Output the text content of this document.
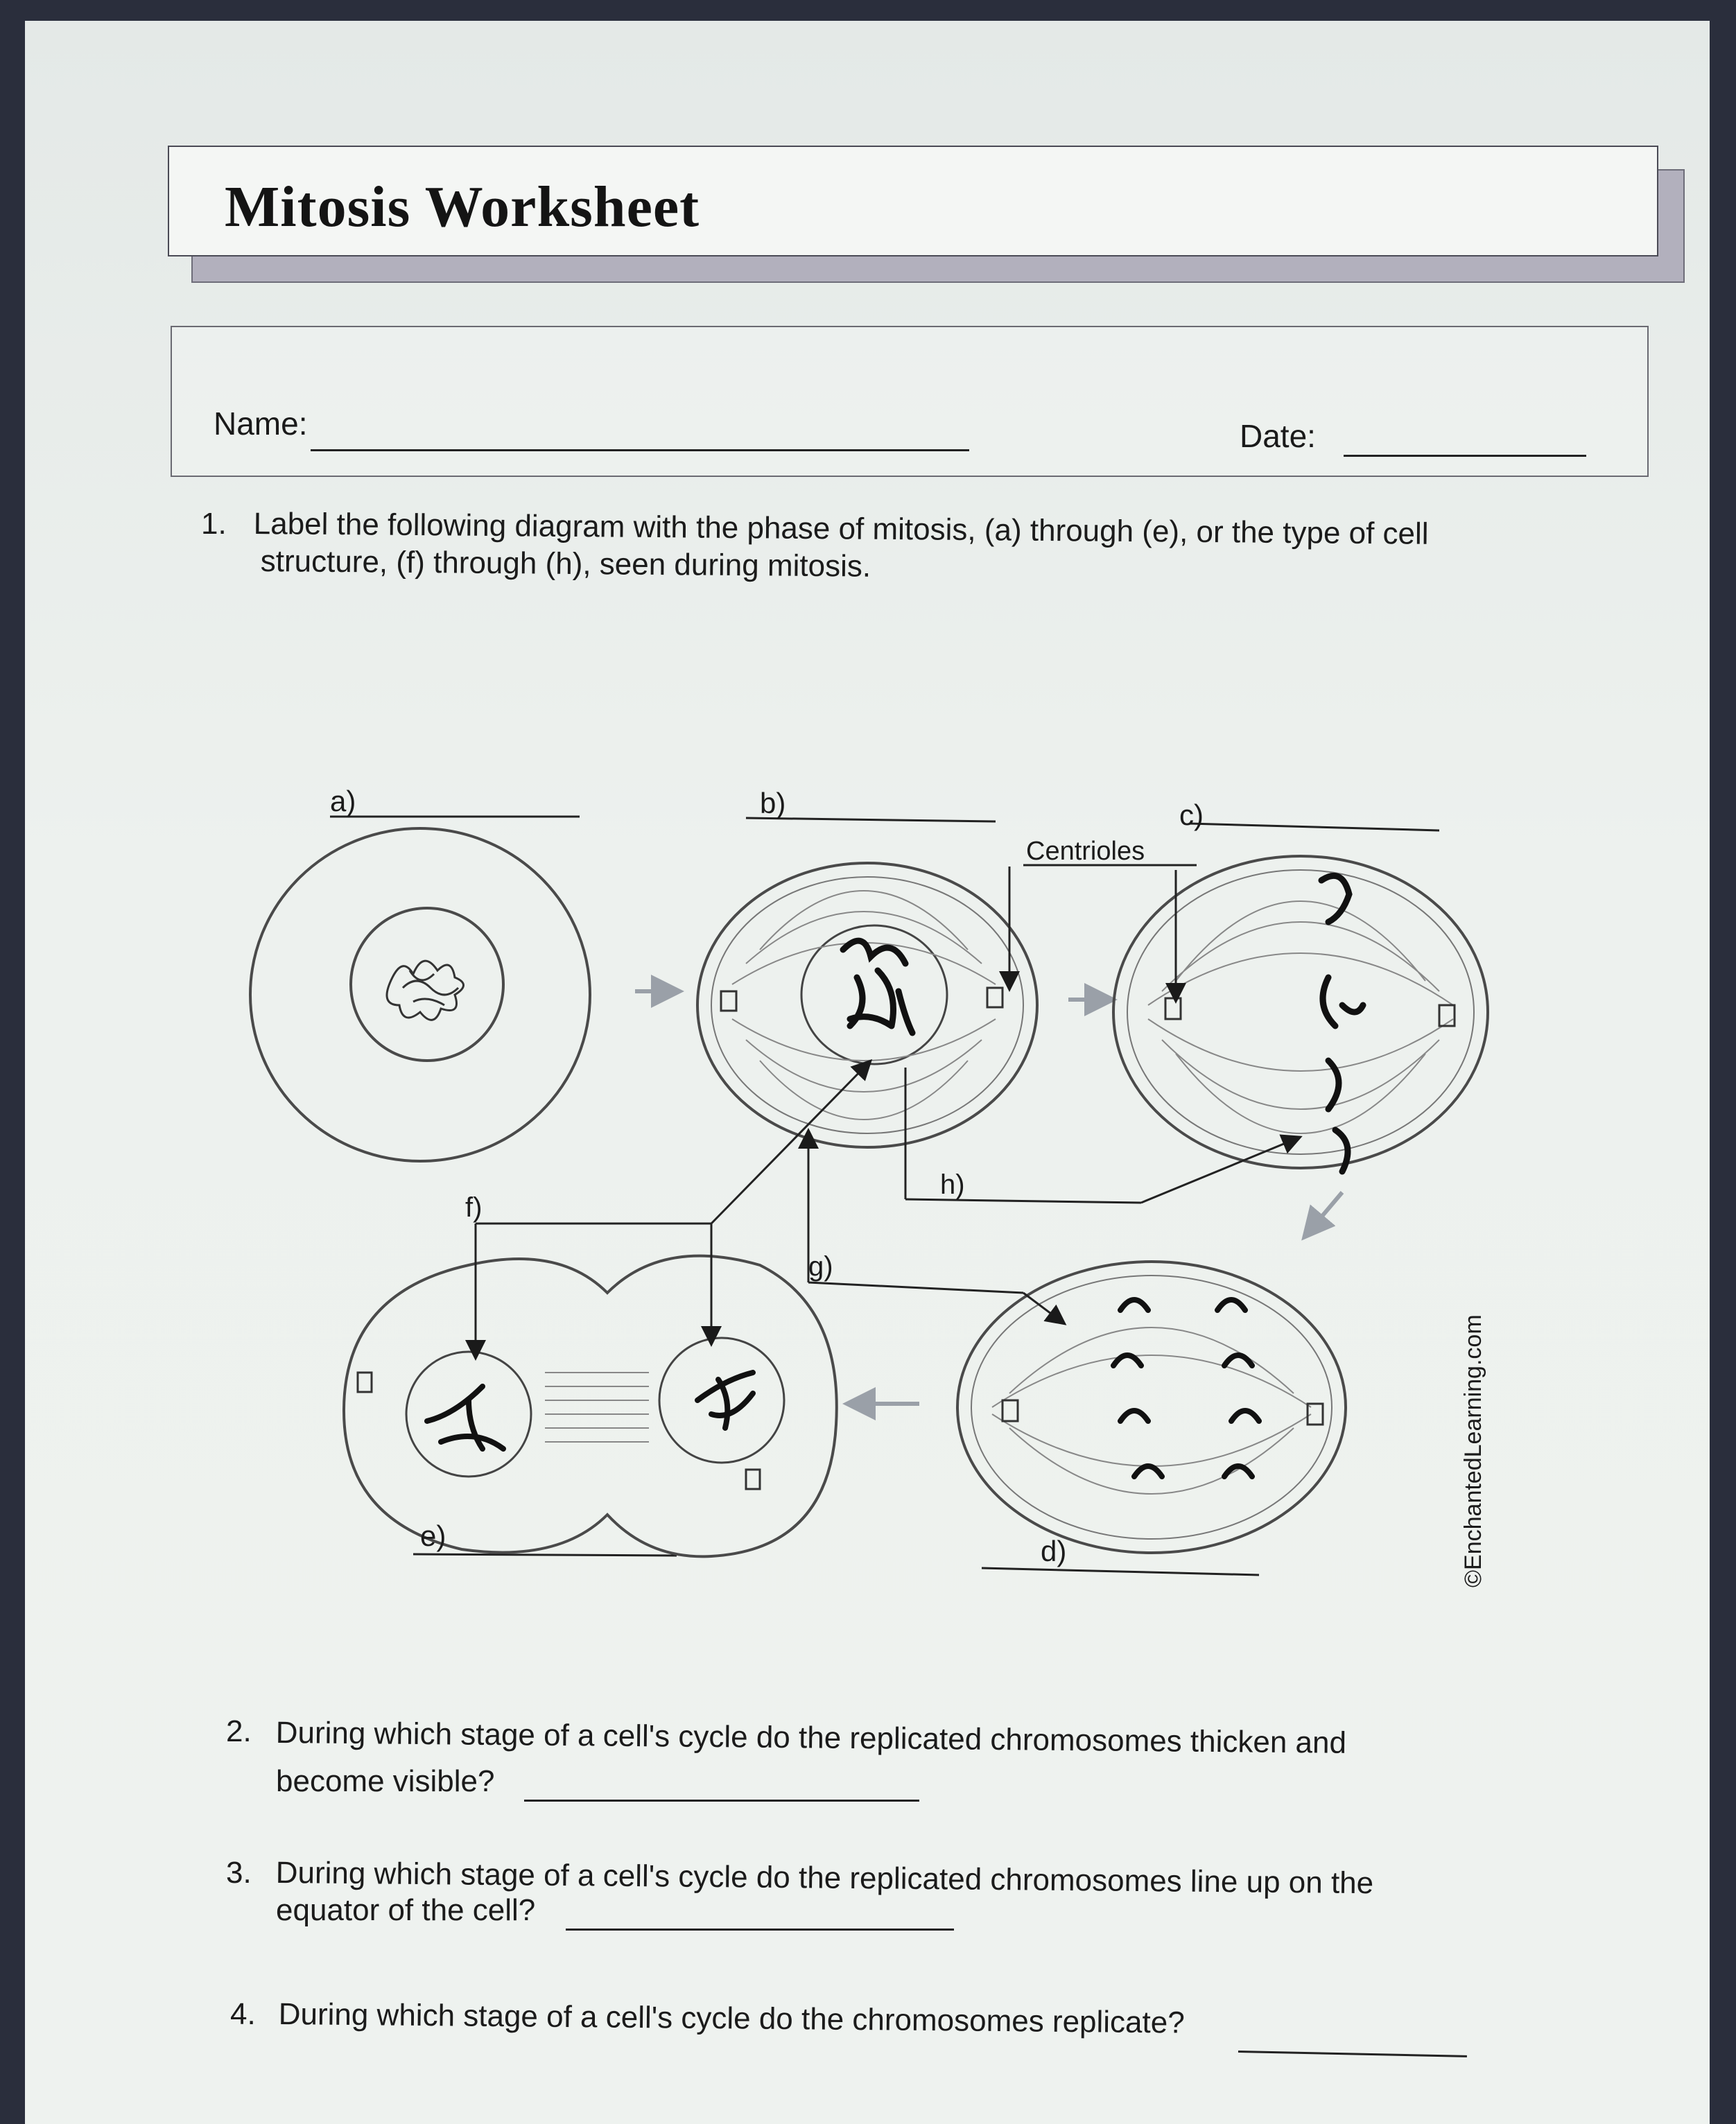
Mitosis Worksheet
Name:	Date:
1. Label the following diagram with the phase of mitosis, (a) through (e), or the type of cell
structure, (f) through (h), seen during mitosis.
a)	b)	c)
d)
e)
f)
g)
h)
Centrioles
©EnchantedLearning.com
2. During which stage of a cell's cycle do the replicated chromosomes thicken and
become visible?
3. During which stage of a cell's cycle do the replicated chromosomes line up on the
equator of the cell?
4. During which stage of a cell's cycle do the chromosomes replicate?
